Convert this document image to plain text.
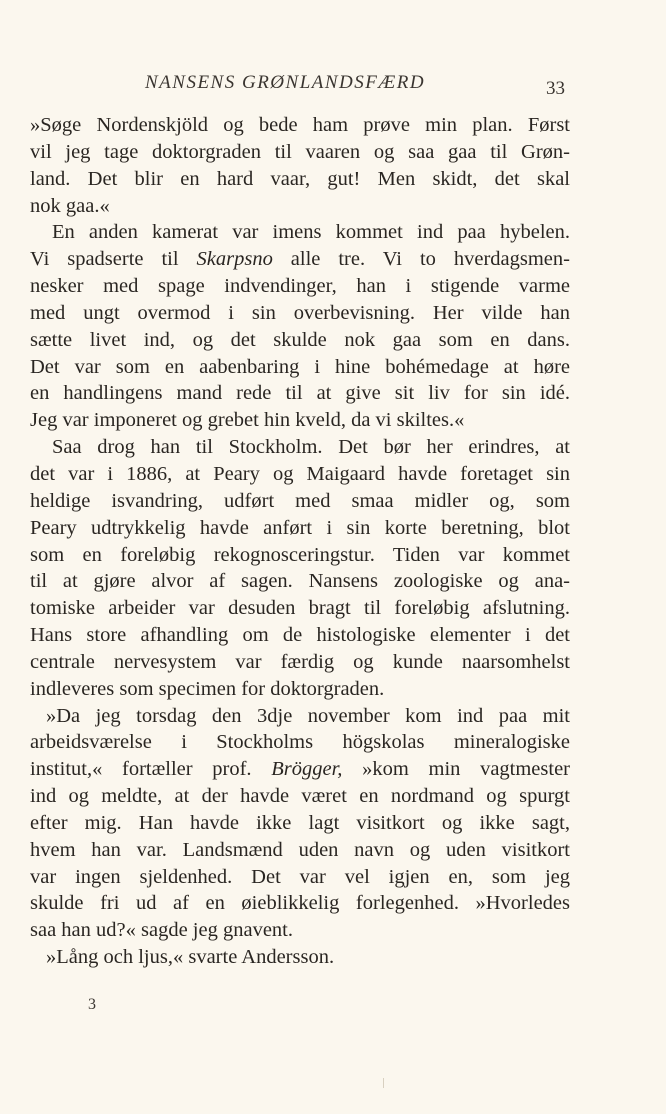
NANSENS GRØNLANDSFÆRD	33
»Søge Nordenskjöld og bede ham prøve min plan. Først
vil jeg tage doktorgraden til vaaren og saa gaa til Grøn-
land. Det blir en hard vaar, gut! Men skidt, det skal
nok gaa.«
En anden kamerat var imens kommet ind paa hybelen.
Vi spadserte til Skarpsno alle tre. Vi to hverdagsmen-
nesker med spage indvendinger, han i stigende varme
med ungt overmod i sin overbevisning. Her vilde han
sætte livet ind, og det skulde nok gaa som en dans.
Det var som en aabenbaring i hine bohémedage at høre
en handlingens mand rede til at give sit liv for sin idé.
Jeg var imponeret og grebet hin kveld, da vi skiltes.«
Saa drog han til Stockholm. Det bør her erindres, at
det var i 1886, at Peary og Maigaard havde foretaget sin
heldige isvandring, udført med smaa midler og, som
Peary udtrykkelig havde anført i sin korte beretning, blot
som en foreløbig rekognosceringstur. Tiden var kommet
til at gjøre alvor af sagen. Nansens zoologiske og ana-
tomiske arbeider var desuden bragt til foreløbig afslutning.
Hans store afhandling om de histologiske elementer i det
centrale nervesystem var færdig og kunde naarsomhelst
indleveres som specimen for doktorgraden.
»Da jeg torsdag den 3dje november kom ind paa mit
arbeidsværelse i Stockholms högskolas mineralogiske
institut,« fortæller prof. Brögger, »kom min vagtmester
ind og meldte, at der havde været en nordmand og spurgt
efter mig. Han havde ikke lagt visitkort og ikke sagt,
hvem han var. Landsmænd uden navn og uden visitkort
var ingen sjeldenhed. Det var vel igjen en, som jeg
skulde fri ud af en øieblikkelig forlegenhed. »Hvorledes
saa han ud?« sagde jeg gnavent.
»Lång och ljus,« svarte Andersson.
3
